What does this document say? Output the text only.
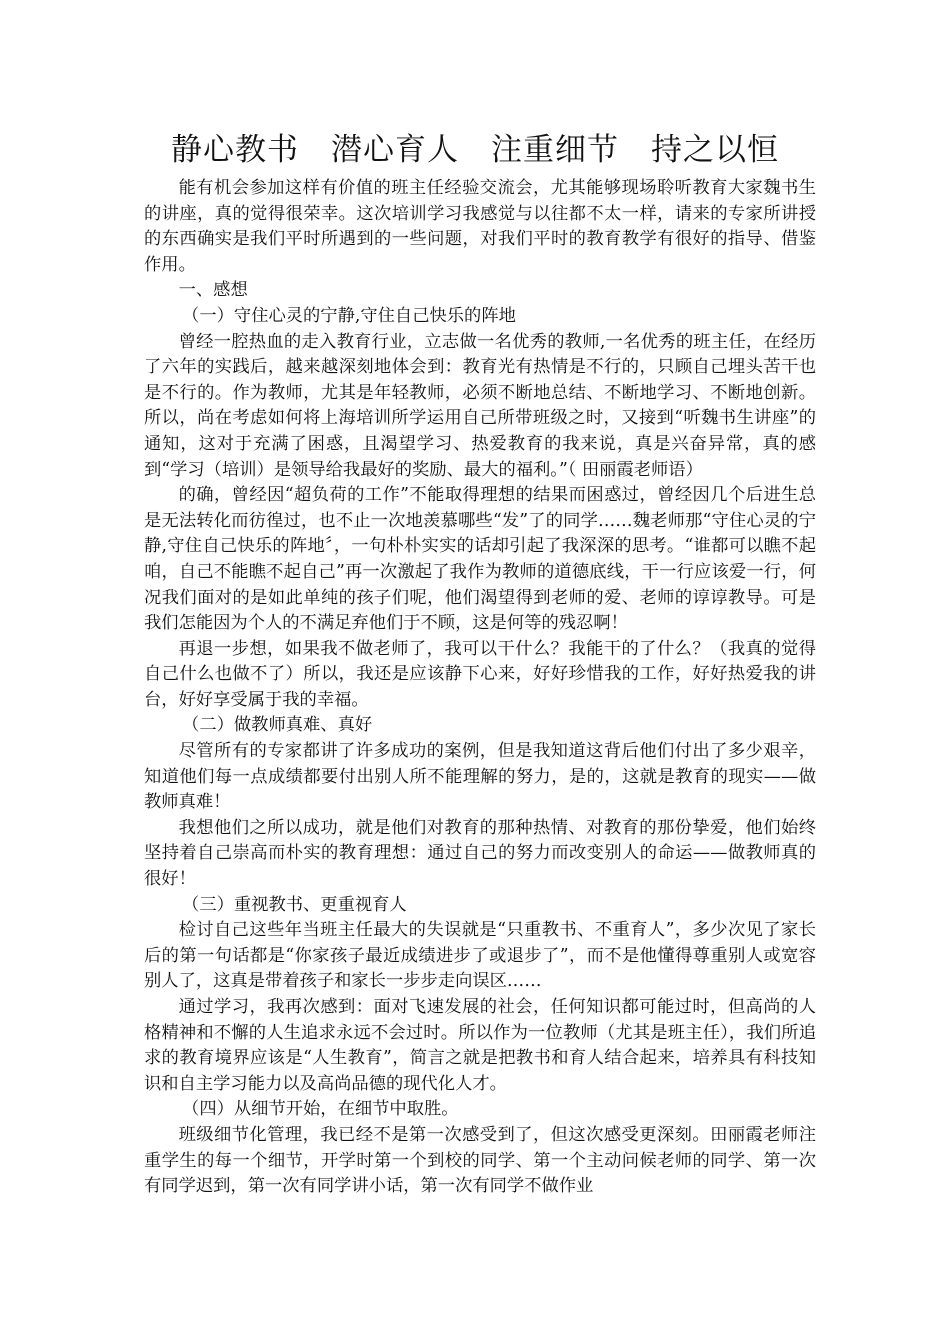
静心教书　潜心育人　注重细节　持之以恒

能有机会参加这样有价值的班主任经验交流会，尤其能够现场聆听教育大家魏书生的讲座，真的觉得很荣幸。这次培训学习我感觉与以往都不太一样，请来的专家所讲授的东西确实是我们平时所遇到的一些问题，对我们平时的教育教学有很好的指导、借鉴作用。

一、感想

（一）守住心灵的宁静,守住自己快乐的阵地

曾经一腔热血的走入教育行业，立志做一名优秀的教师,一名优秀的班主任，在经历了六年的实践后，越来越深刻地体会到：教育光有热情是不行的，只顾自己埋头苦干也是不行的。作为教师，尤其是年轻教师，必须不断地总结、不断地学习、不断地创新。所以，尚在考虑如何将上海培训所学运用自己所带班级之时，又接到“听魏书生讲座”的通知，这对于充满了困惑，且渴望学习、热爱教育的我来说，真是兴奋异常，真的感到“学习（培训）是领导给我最好的奖励、最大的福利。”（ 田丽霞老师语）

的确，曾经因“超负荷的工作”不能取得理想的结果而困惑过，曾经因几个后进生总是无法转化而彷徨过，也不止一次地羡慕哪些“发”了的同学……魏老师那“守住心灵的宁静,守住自己快乐的阵地〞，一句朴朴实实的话却引起了我深深的思考。“谁都可以瞧不起咱，自己不能瞧不起自己”再一次激起了我作为教师的道德底线，干一行应该爱一行，何况我们面对的是如此单纯的孩子们呢，他们渴望得到老师的爱、老师的谆谆教导。可是我们怎能因为个人的不满足弃他们于不顾，这是何等的残忍啊！

再退一步想，如果我不做老师了，我可以干什么？我能干的了什么？（我真的觉得自己什么也做不了）所以，我还是应该静下心来，好好珍惜我的工作，好好热爱我的讲台，好好享受属于我的幸福。

（二）做教师真难、真好

尽管所有的专家都讲了许多成功的案例，但是我知道这背后他们付出了多少艰辛，知道他们每一点成绩都要付出别人所不能理解的努力，是的，这就是教育的现实——做教师真难！

我想他们之所以成功，就是他们对教育的那种热情、对教育的那份挚爱，他们始终坚持着自己崇高而朴实的教育理想：通过自己的努力而改变别人的命运——做教师真的很好！

（三）重视教书、更重视育人

检讨自己这些年当班主任最大的失误就是“只重教书、不重育人”，多少次见了家长后的第一句话都是“你家孩子最近成绩进步了或退步了”，而不是他懂得尊重别人或宽容别人了，这真是带着孩子和家长一步步走向误区……

通过学习，我再次感到：面对飞速发展的社会，任何知识都可能过时，但高尚的人格精神和不懈的人生追求永远不会过时。所以作为一位教师（尤其是班主任），我们所追求的教育境界应该是“人生教育”，简言之就是把教书和育人结合起来，培养具有科技知识和自主学习能力以及高尚品德的现代化人才。

（四）从细节开始，在细节中取胜。

班级细节化管理，我已经不是第一次感受到了，但这次感受更深刻。田丽霞老师注重学生的每一个细节，开学时第一个到校的同学、第一个主动问候老师的同学、第一次有同学迟到，第一次有同学讲小话，第一次有同学不做作业
